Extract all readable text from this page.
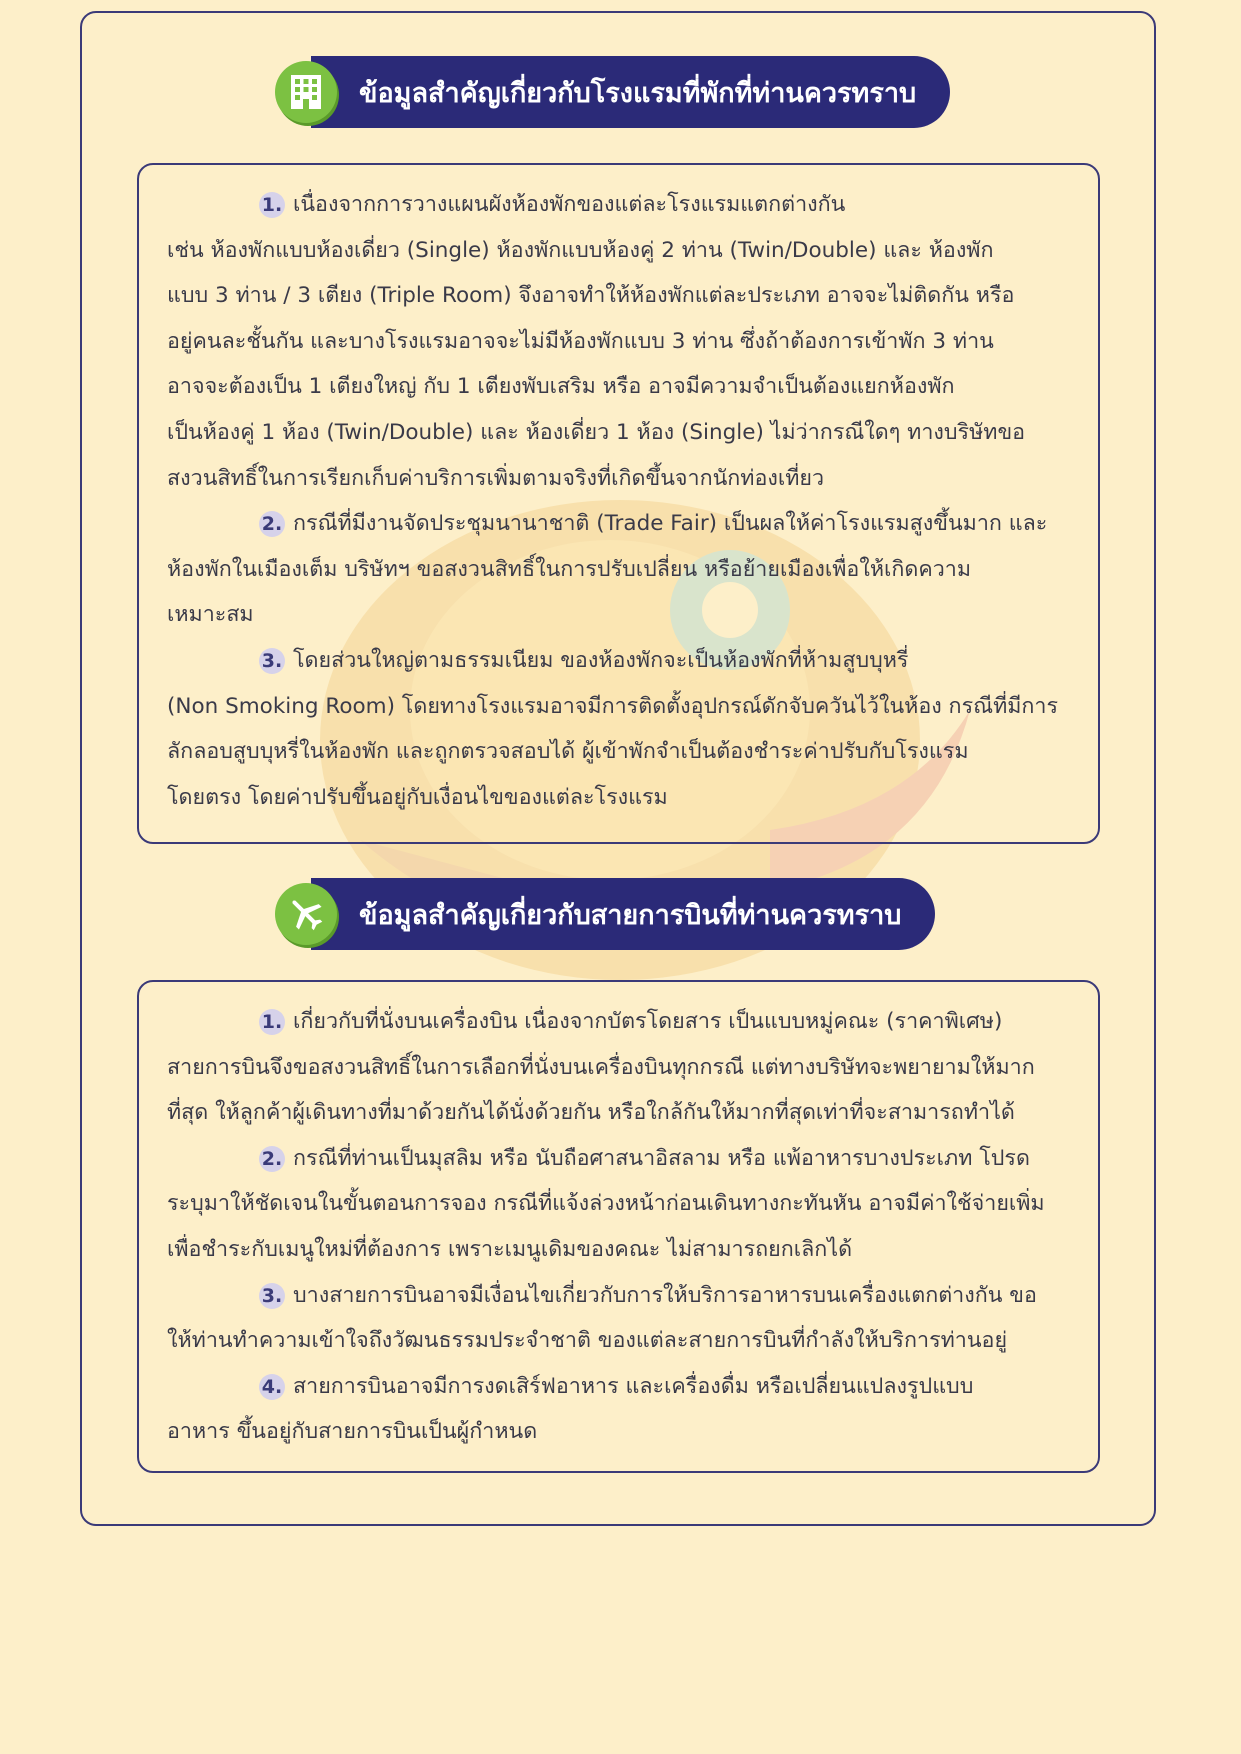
ข้อมูลสำคัญเกี่ยวกับโรงแรมที่พักที่ท่านควรทราบ

1. เนื่องจากการวางแผนผังห้องพักของแต่ละโรงแรมแตกต่างกัน

เช่น ห้องพักแบบห้องเดี่ยว (Single) ห้องพักแบบห้องคู่ 2 ท่าน (Twin/Double) และ ห้องพัก

แบบ 3 ท่าน / 3 เตียง (Triple Room) จึงอาจทำให้ห้องพักแต่ละประเภท อาจจะไม่ติดกัน หรือ

อยู่คนละชั้นกัน และบางโรงแรมอาจจะไม่มีห้องพักแบบ 3 ท่าน ซึ่งถ้าต้องการเข้าพัก 3 ท่าน

อาจจะต้องเป็น 1 เตียงใหญ่ กับ 1 เตียงพับเสริม หรือ อาจมีความจำเป็นต้องแยกห้องพัก

เป็นห้องคู่ 1 ห้อง (Twin/Double) และ ห้องเดี่ยว 1 ห้อง (Single) ไม่ว่ากรณีใดๆ ทางบริษัทขอ

สงวนสิทธิ์ในการเรียกเก็บค่าบริการเพิ่มตามจริงที่เกิดขึ้นจากนักท่องเที่ยว

2. กรณีที่มีงานจัดประชุมนานาชาติ (Trade Fair) เป็นผลให้ค่าโรงแรมสูงขึ้นมาก และ

ห้องพักในเมืองเต็ม บริษัทฯ ขอสงวนสิทธิ์ในการปรับเปลี่ยน หรือย้ายเมืองเพื่อให้เกิดความ

เหมาะสม

3. โดยส่วนใหญ่ตามธรรมเนียม ของห้องพักจะเป็นห้องพักที่ห้ามสูบบุหรี่

(Non Smoking Room) โดยทางโรงแรมอาจมีการติดตั้งอุปกรณ์ดักจับควันไว้ในห้อง กรณีที่มีการ

ลักลอบสูบบุหรี่ในห้องพัก และถูกตรวจสอบได้ ผู้เข้าพักจำเป็นต้องชำระค่าปรับกับโรงแรม

โดยตรง โดยค่าปรับขึ้นอยู่กับเงื่อนไขของแต่ละโรงแรม

ข้อมูลสำคัญเกี่ยวกับสายการบินที่ท่านควรทราบ

1. เกี่ยวกับที่นั่งบนเครื่องบิน เนื่องจากบัตรโดยสาร เป็นแบบหมู่คณะ (ราคาพิเศษ)

สายการบินจึงขอสงวนสิทธิ์ในการเลือกที่นั่งบนเครื่องบินทุกกรณี แต่ทางบริษัทจะพยายามให้มาก

ที่สุด ให้ลูกค้าผู้เดินทางที่มาด้วยกันได้นั่งด้วยกัน หรือใกล้กันให้มากที่สุดเท่าที่จะสามารถทำได้

2. กรณีที่ท่านเป็นมุสลิม หรือ นับถือศาสนาอิสลาม หรือ แพ้อาหารบางประเภท โปรด

ระบุมาให้ชัดเจนในขั้นตอนการจอง กรณีที่แจ้งล่วงหน้าก่อนเดินทางกะทันหัน อาจมีค่าใช้จ่ายเพิ่ม

เพื่อชำระกับเมนูใหม่ที่ต้องการ เพราะเมนูเดิมของคณะ ไม่สามารถยกเลิกได้

3. บางสายการบินอาจมีเงื่อนไขเกี่ยวกับการให้บริการอาหารบนเครื่องแตกต่างกัน ขอ

ให้ท่านทำความเข้าใจถึงวัฒนธรรมประจำชาติ ของแต่ละสายการบินที่กำลังให้บริการท่านอยู่

4. สายการบินอาจมีการงดเสิร์ฟอาหาร และเครื่องดื่ม หรือเปลี่ยนแปลงรูปแบบ

อาหาร ขึ้นอยู่กับสายการบินเป็นผู้กำหนด
